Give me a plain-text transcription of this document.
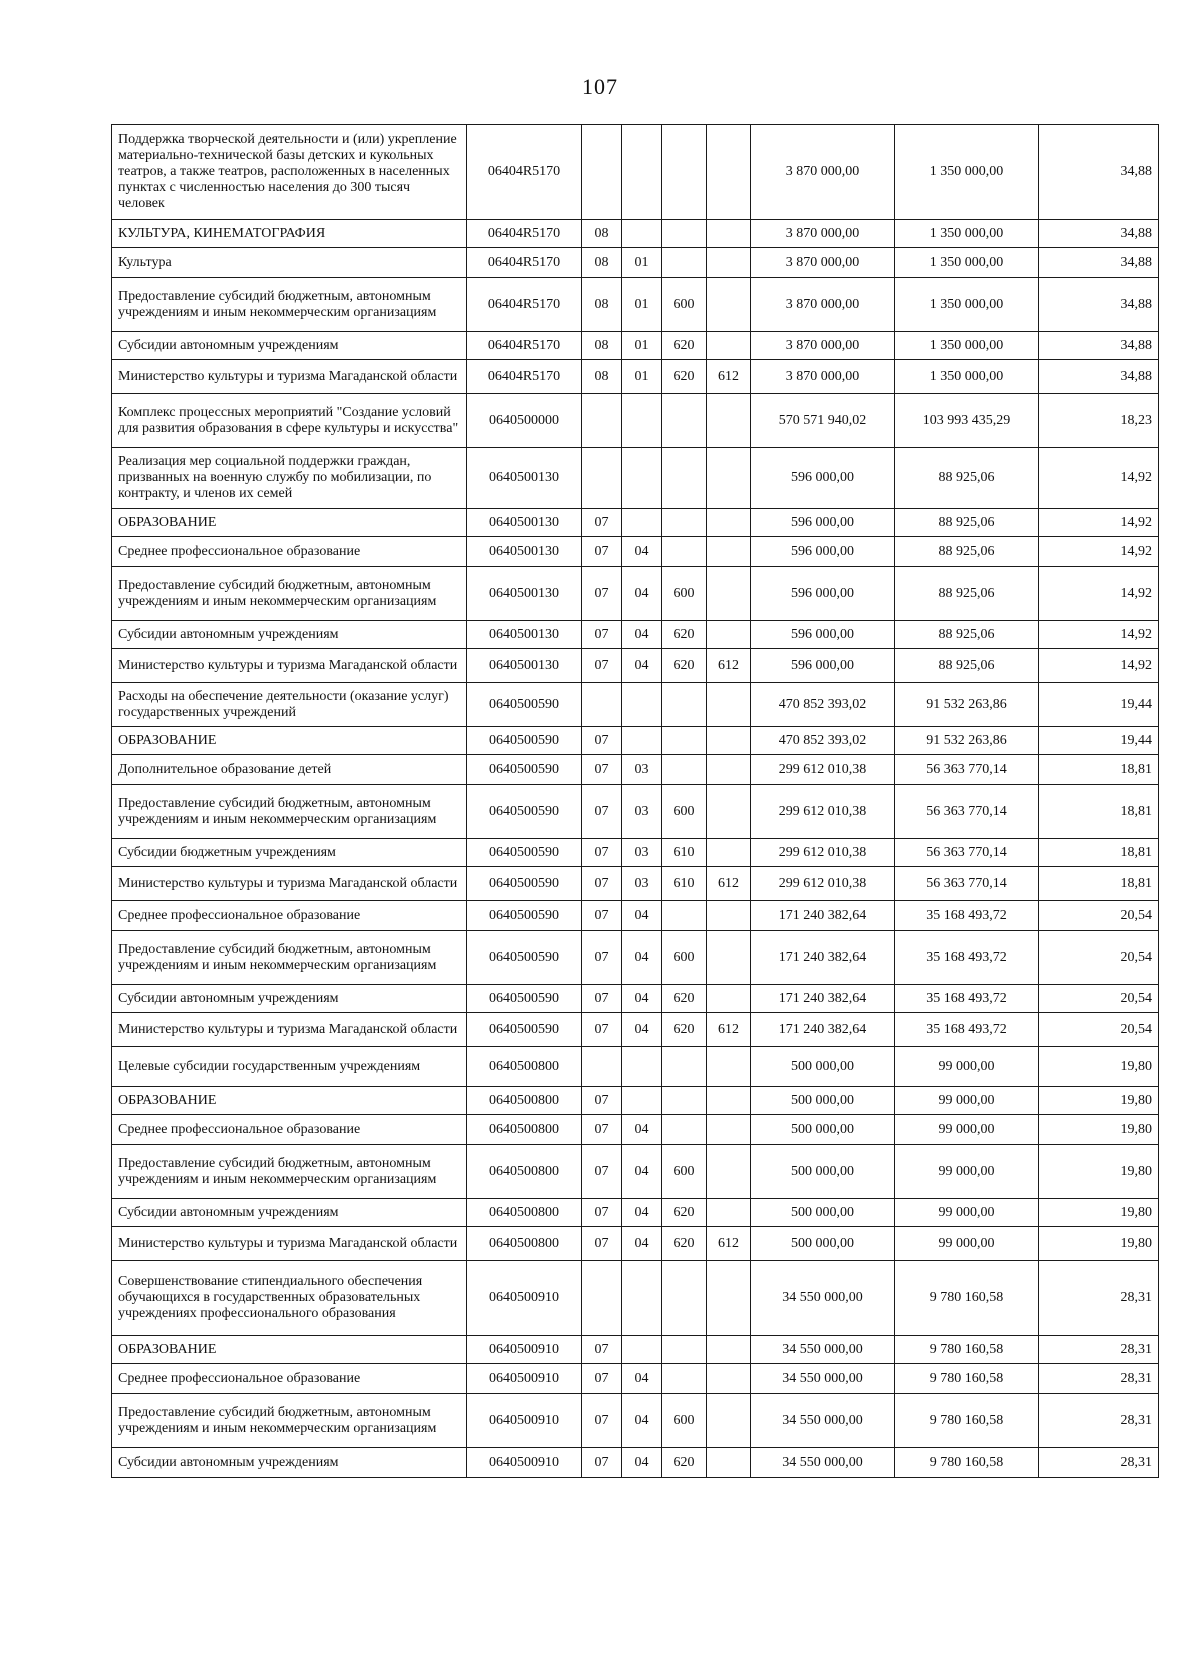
107
Поддержка творческой деятельности и (или) укрепление материально-технической базы детских и кукольных театров, а также театров, расположенных в населенных пунктах с численностью населения до 300 тысяч человек	06404R5170					3 870 000,00	1 350 000,00	34,88
КУЛЬТУРА, КИНЕМАТОГРАФИЯ	06404R5170	08				3 870 000,00	1 350 000,00	34,88
Культура	06404R5170	08	01			3 870 000,00	1 350 000,00	34,88
Предоставление субсидий бюджетным, автономным учреждениям и иным некоммерческим организациям	06404R5170	08	01	600		3 870 000,00	1 350 000,00	34,88
Субсидии автономным учреждениям	06404R5170	08	01	620		3 870 000,00	1 350 000,00	34,88
Министерство культуры и туризма Магаданской области	06404R5170	08	01	620	612	3 870 000,00	1 350 000,00	34,88
Комплекс процессных мероприятий "Создание условий для развития образования в сфере культуры и искусства"	0640500000					570 571 940,02	103 993 435,29	18,23
Реализация мер социальной поддержки граждан, призванных на военную службу по мобилизации, по контракту, и членов их семей	0640500130					596 000,00	88 925,06	14,92
ОБРАЗОВАНИЕ	0640500130	07				596 000,00	88 925,06	14,92
Среднее профессиональное образование	0640500130	07	04			596 000,00	88 925,06	14,92
Предоставление субсидий бюджетным, автономным учреждениям и иным некоммерческим организациям	0640500130	07	04	600		596 000,00	88 925,06	14,92
Субсидии автономным учреждениям	0640500130	07	04	620		596 000,00	88 925,06	14,92
Министерство культуры и туризма Магаданской области	0640500130	07	04	620	612	596 000,00	88 925,06	14,92
Расходы на обеспечение деятельности (оказание услуг) государственных учреждений	0640500590					470 852 393,02	91 532 263,86	19,44
ОБРАЗОВАНИЕ	0640500590	07				470 852 393,02	91 532 263,86	19,44
Дополнительное образование детей	0640500590	07	03			299 612 010,38	56 363 770,14	18,81
Предоставление субсидий бюджетным, автономным учреждениям и иным некоммерческим организациям	0640500590	07	03	600		299 612 010,38	56 363 770,14	18,81
Субсидии бюджетным учреждениям	0640500590	07	03	610		299 612 010,38	56 363 770,14	18,81
Министерство культуры и туризма Магаданской области	0640500590	07	03	610	612	299 612 010,38	56 363 770,14	18,81
Среднее профессиональное образование	0640500590	07	04			171 240 382,64	35 168 493,72	20,54
Предоставление субсидий бюджетным, автономным учреждениям и иным некоммерческим организациям	0640500590	07	04	600		171 240 382,64	35 168 493,72	20,54
Субсидии автономным учреждениям	0640500590	07	04	620		171 240 382,64	35 168 493,72	20,54
Министерство культуры и туризма Магаданской области	0640500590	07	04	620	612	171 240 382,64	35 168 493,72	20,54
Целевые субсидии государственным учреждениям	0640500800					500 000,00	99 000,00	19,80
ОБРАЗОВАНИЕ	0640500800	07				500 000,00	99 000,00	19,80
Среднее профессиональное образование	0640500800	07	04			500 000,00	99 000,00	19,80
Предоставление субсидий бюджетным, автономным учреждениям и иным некоммерческим организациям	0640500800	07	04	600		500 000,00	99 000,00	19,80
Субсидии автономным учреждениям	0640500800	07	04	620		500 000,00	99 000,00	19,80
Министерство культуры и туризма Магаданской области	0640500800	07	04	620	612	500 000,00	99 000,00	19,80
Совершенствование стипендиального обеспечения обучающихся в государственных образовательных учреждениях профессионального образования	0640500910					34 550 000,00	9 780 160,58	28,31
ОБРАЗОВАНИЕ	0640500910	07				34 550 000,00	9 780 160,58	28,31
Среднее профессиональное образование	0640500910	07	04			34 550 000,00	9 780 160,58	28,31
Предоставление субсидий бюджетным, автономным учреждениям и иным некоммерческим организациям	0640500910	07	04	600		34 550 000,00	9 780 160,58	28,31
Субсидии автономным учреждениям	0640500910	07	04	620		34 550 000,00	9 780 160,58	28,31
